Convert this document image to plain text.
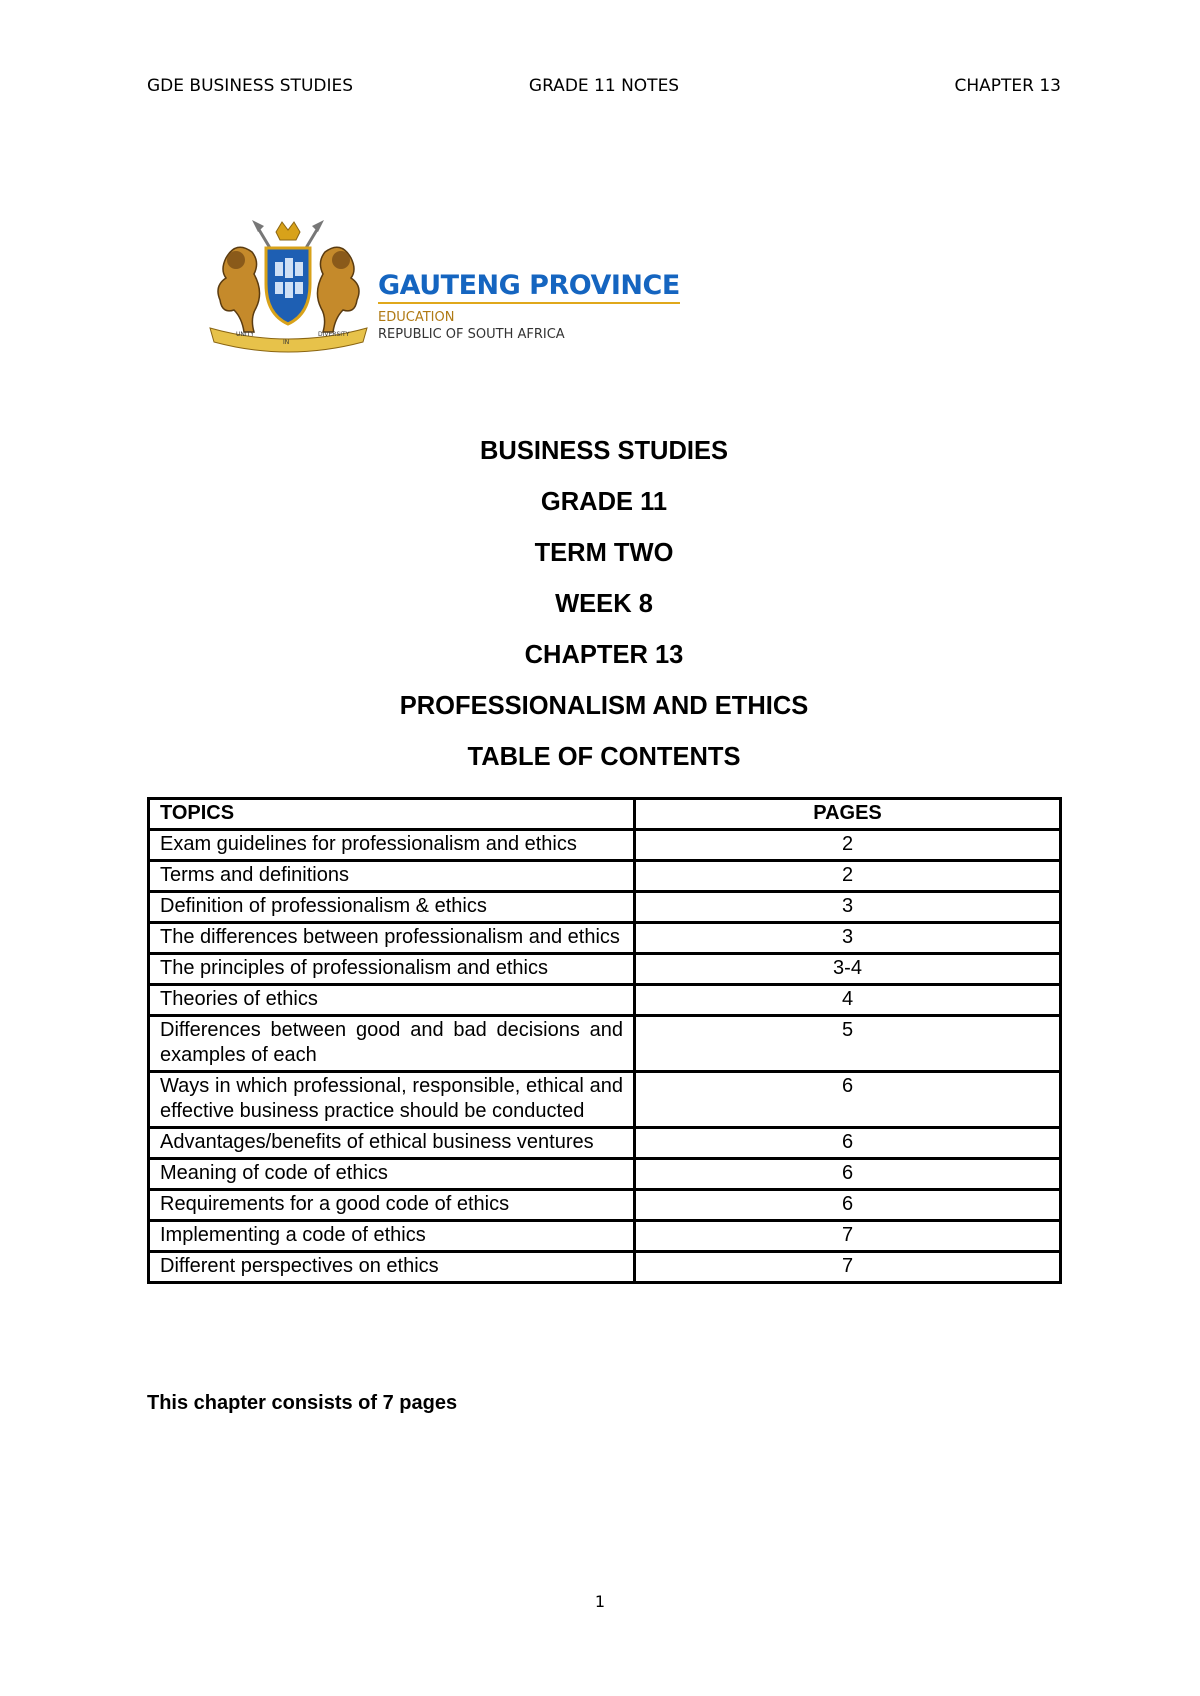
GDE BUSINESS STUDIES	GRADE 11 NOTES	CHAPTER 13
UNITY
IN
DIVERSITY
GAUTENG PROVINCE
EDUCATION
REPUBLIC OF SOUTH AFRICA
BUSINESS STUDIES
GRADE 11
TERM TWO
WEEK 8
CHAPTER 13
PROFESSIONALISM AND ETHICS
TABLE OF CONTENTS
TOPICS	PAGES
Exam guidelines for professionalism and ethics	2
Terms and definitions	2
Definition of professionalism & ethics	3
The differences between professionalism and ethics	3
The principles of professionalism and ethics	3-4
Theories of ethics	4
Differences between good and bad decisions and examples of each	5
Ways in which professional, responsible, ethical and effective business practice should be conducted	6
Advantages/benefits of ethical business ventures	6
Meaning of code of ethics	6
Requirements for a good code of ethics	6
Implementing a code of ethics	7
Different perspectives on ethics	7
This chapter consists of 7 pages
1
